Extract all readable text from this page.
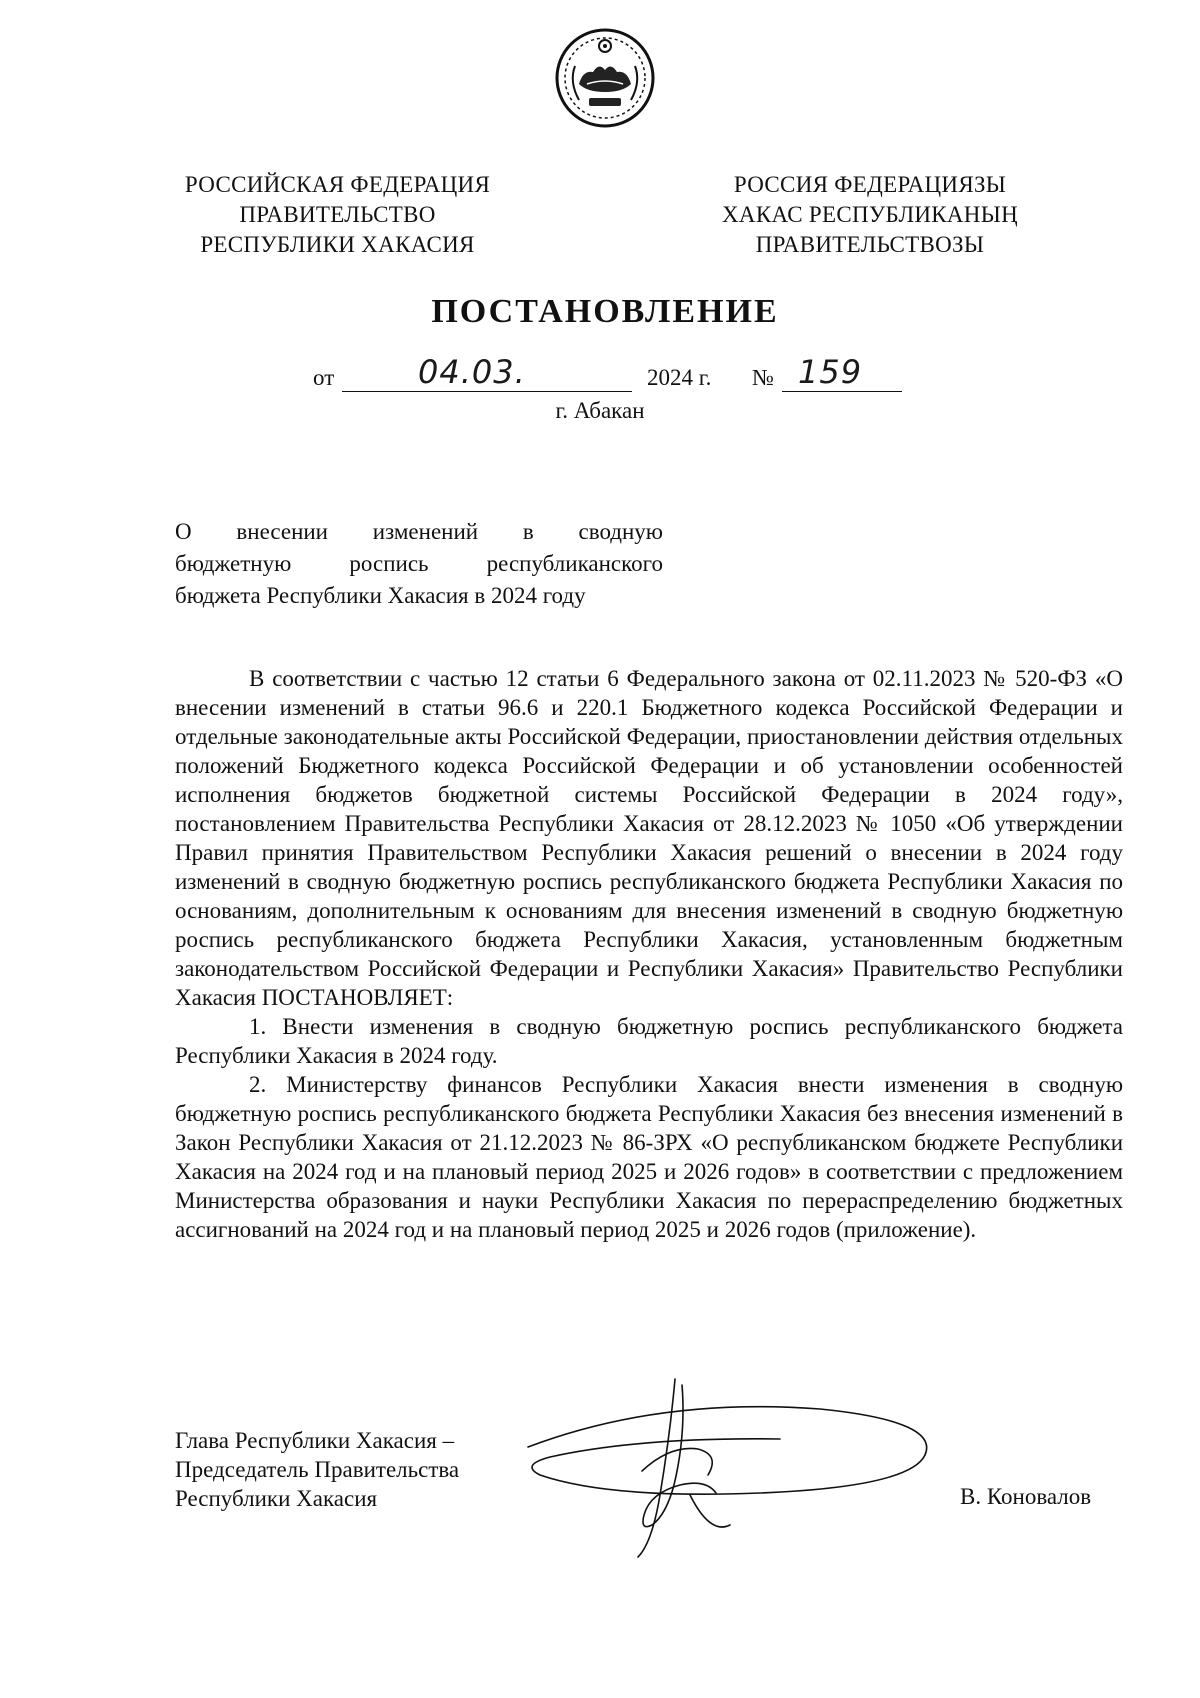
РОССИЙСКАЯ ФЕДЕРАЦИЯ
ПРАВИТЕЛЬСТВО
РЕСПУБЛИКИ ХАКАСИЯ
РОССИЯ ФЕДЕРАЦИЯЗЫ
ХАКАС РЕСПУБЛИКАНЫҢ
ПРАВИТЕЛЬСТВОЗЫ
ПОСТАНОВЛЕНИЕ
от	04.03.	2024 г. № 159
г. Абакан
О внесении изменений в сводную
бюджетную роспись республиканского
бюджета Республики Хакасия в 2024 году

В соответствии с частью 12 статьи 6 Федерального закона от 02.11.2023 № 520-ФЗ «О внесении изменений в статьи 96.6 и 220.1 Бюджетного кодекса Российской Федерации и отдельные законодательные акты Российской Федерации, приостановлении действия отдельных положений Бюджетного кодекса Российской Федерации и об установлении особенностей исполнения бюджетов бюджетной системы Российской Федерации в 2024 году», постановлением Правительства Республики Хакасия от 28.12.2023 № 1050 «Об утверждении Правил принятия Правительством Республики Хакасия решений о внесении в 2024 году изменений в сводную бюджетную роспись республиканского бюджета Республики Хакасия по основаниям, дополнительным к основаниям для внесения изменений в сводную бюджетную роспись республиканского бюджета Республики Хакасия, установленным бюджетным законодательством Российской Федерации и Республики Хакасия» Правительство Республики Хакасия ПОСТАНОВЛЯЕТ:

1. Внести изменения в сводную бюджетную роспись республиканского бюджета Республики Хакасия в 2024 году.

2. Министерству финансов Республики Хакасия внести изменения в сводную бюджетную роспись республиканского бюджета Республики Хакасия без внесения изменений в Закон Республики Хакасия от 21.12.2023 № 86-ЗРХ «О республиканском бюджете Республики Хакасия на 2024 год и на плановый период 2025 и 2026 годов» в соответствии с предложением Министерства образования и науки Республики Хакасия по перераспределению бюджетных ассигнований на 2024 год и на плановый период 2025 и 2026 годов (приложение).

Глава Республики Хакасия –
Председатель Правительства
Республики Хакасия	В. Коновалов
